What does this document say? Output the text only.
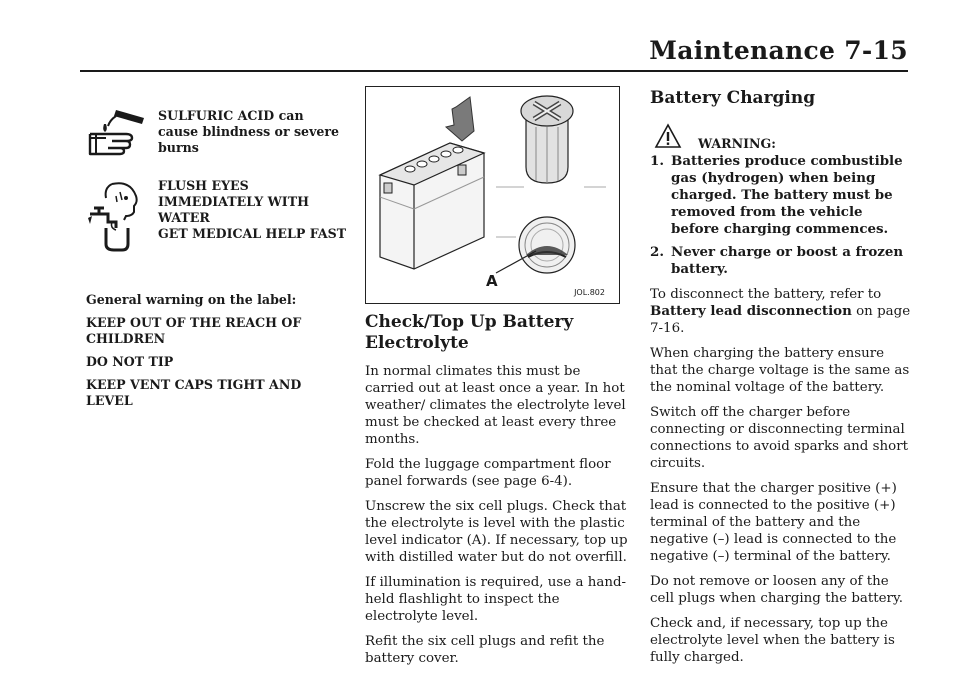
Maintenance 7-15
SULFURIC ACID can cause blindness or severe burns
FLUSH EYES
IMMEDIATELY WITH
WATER
GET MEDICAL HELP FAST

General warning on the label:

KEEP OUT OF THE REACH OF CHILDREN

DO NOT TIP

KEEP VENT CAPS TIGHT AND LEVEL

A
JOL.802
Check/Top Up Battery Electrolyte

In normal climates this must be carried out at least once a year. In hot weather/ climates the electrolyte level must be checked at least every three months.

Fold the luggage compartment floor panel forwards (see page 6-4).

Unscrew the six cell plugs. Check that the electrolyte is level with the plastic level indicator (A). If necessary, top up with distilled water but do not overfill.

If illumination is required, use a hand-held flashlight to inspect the electrolyte level.

Refit the six cell plugs and refit the battery cover.

Battery Charging
WARNING:
1. Batteries produce combustible gas (hydrogen) when being charged. The battery must be removed from the vehicle before charging commences.
2. Never charge or boost a frozen battery.

To disconnect the battery, refer to
Battery lead disconnection on page 7-16.

When charging the battery ensure that the charge voltage is the same as the nominal voltage of the battery.

Switch off the charger before connecting or disconnecting terminal connections to avoid sparks and short circuits.

Ensure that the charger positive (+) lead is connected to the positive (+) terminal of the battery and the negative (–) lead is connected to the negative (–) terminal of the battery.

Do not remove or loosen any of the cell plugs when charging the battery.

Check and, if necessary, top up the electrolyte level when the battery is fully charged.
